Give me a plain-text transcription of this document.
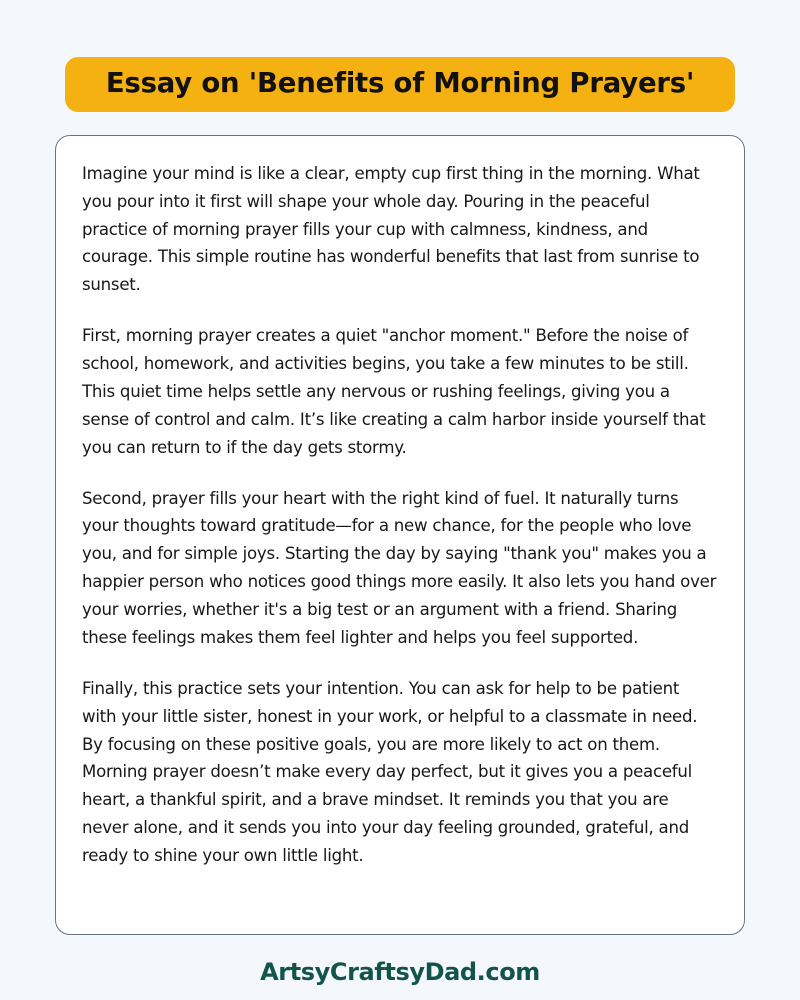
Essay on 'Benefits of Morning Prayers'

Imagine your mind is like a clear, empty cup first thing in the morning. What you pour into it first will shape your whole day. Pouring in the peaceful practice of morning prayer fills your cup with calmness, kindness, and courage. This simple routine has wonderful benefits that last from sunrise to sunset.

First, morning prayer creates a quiet "anchor moment." Before the noise of school, homework, and activities begins, you take a few minutes to be still. This quiet time helps settle any nervous or rushing feelings, giving you a sense of control and calm. It’s like creating a calm harbor inside yourself that you can return to if the day gets stormy.

Second, prayer fills your heart with the right kind of fuel. It naturally turns your thoughts toward gratitude—for a new chance, for the people who love you, and for simple joys. Starting the day by saying "thank you" makes you a happier person who notices good things more easily. It also lets you hand over your worries, whether it's a big test or an argument with a friend. Sharing these feelings makes them feel lighter and helps you feel supported.

Finally, this practice sets your intention. You can ask for help to be patient with your little sister, honest in your work, or helpful to a classmate in need. By focusing on these positive goals, you are more likely to act on them. Morning prayer doesn’t make every day perfect, but it gives you a peaceful heart, a thankful spirit, and a brave mindset. It reminds you that you are never alone, and it sends you into your day feeling grounded, grateful, and ready to shine your own little light.

ArtsyCraftsyDad.com
